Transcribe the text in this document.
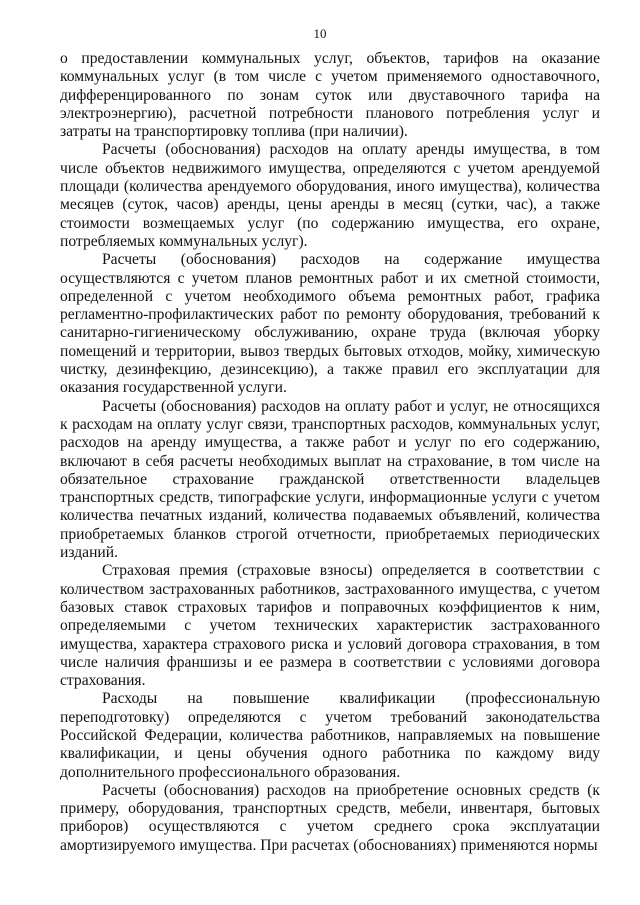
10

о предоставлении коммунальных услуг, объектов, тарифов на оказание коммунальных услуг (в том числе с учетом применяемого одноставочного, дифференцированного по зонам суток или двуставочного тарифа на электроэнергию), расчетной потребности планового потребления услуг и затраты на транспортировку топлива (при наличии).

Расчеты (обоснования) расходов на оплату аренды имущества, в том числе объектов недвижимого имущества, определяются с учетом арендуемой площади (количества арендуемого оборудования, иного имущества), количества месяцев (суток, часов) аренды, цены аренды в месяц (сутки, час), а также стоимости возмещаемых услуг (по содержанию имущества, его охране, потребляемых коммунальных услуг).

Расчеты (обоснования) расходов на содержание имущества осуществляются с учетом планов ремонтных работ и их сметной стоимости, определенной с учетом необходимого объема ремонтных работ, графика регламентно-профилактических работ по ремонту оборудования, требований к санитарно-гигиеническому обслуживанию, охране труда (включая уборку помещений и территории, вывоз твердых бытовых отходов, мойку, химическую чистку, дезинфекцию, дезинсекцию), а также правил его эксплуатации для оказания государственной услуги.

Расчеты (обоснования) расходов на оплату работ и услуг, не относящихся к расходам на оплату услуг связи, транспортных расходов, коммунальных услуг, расходов на аренду имущества, а также работ и услуг по его содержанию, включают в себя расчеты необходимых выплат на страхование, в том числе на обязательное страхование гражданской ответственности владельцев транспортных средств, типографские услуги, информационные услуги с учетом количества печатных изданий, количества подаваемых объявлений, количества приобретаемых бланков строгой отчетности, приобретаемых периодических изданий.

Страховая премия (страховые взносы) определяется в соответствии с количеством застрахованных работников, застрахованного имущества, с учетом базовых ставок страховых тарифов и поправочных коэффициентов к ним, определяемыми с учетом технических характеристик застрахованного имущества, характера страхового риска и условий договора страхования, в том числе наличия франшизы и ее размера в соответствии с условиями договора страхования.

Расходы на повышение квалификации (профессиональную переподготовку) определяются с учетом требований законодательства Российской Федерации, количества работников, направляемых на повышение квалификации, и цены обучения одного работника по каждому виду дополнительного профессионального образования.

Расчеты (обоснования) расходов на приобретение основных средств (к примеру, оборудования, транспортных средств, мебели, инвентаря, бытовых приборов) осуществляются с учетом среднего срока эксплуатации амортизируемого имущества. При расчетах (обоснованиях) применяются нормы
